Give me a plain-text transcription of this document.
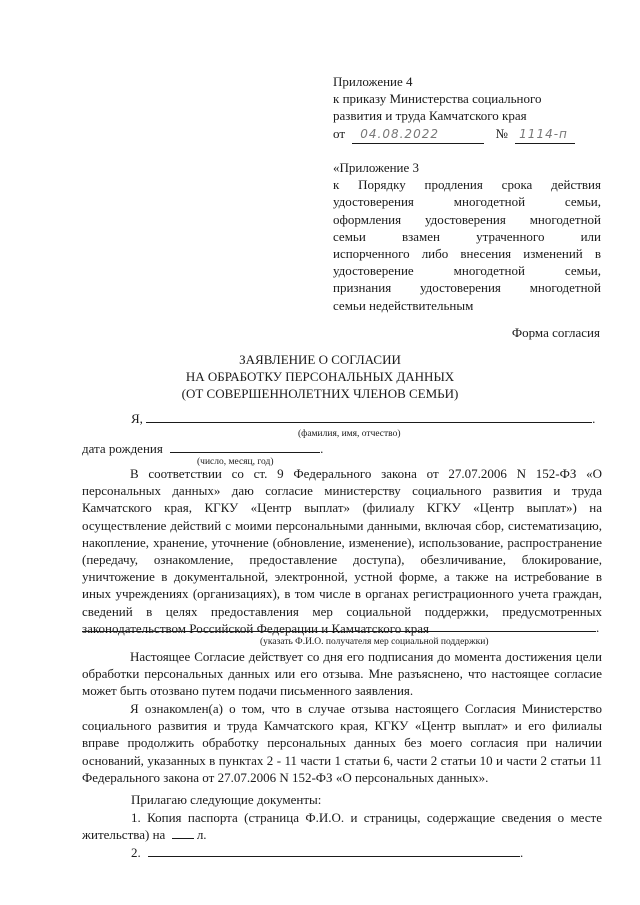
Приложение 4
к приказу Министерства социального
развития и труда Камчатского края
от 04.08.2022	№ 1114-п
«Приложение 3
к Порядку продления срока действия
удостоверения многодетной семьи,
оформления удостоверения многодетной
семьи взамен утраченного или
испорченного либо внесения изменений в
удостоверение многодетной семьи,
признания удостоверения многодетной
семьи недействительным
Форма согласия
ЗАЯВЛЕНИЕ О СОГЛАСИИ
НА ОБРАБОТКУ ПЕРСОНАЛЬНЫХ ДАННЫХ
(ОТ СОВЕРШЕННОЛЕТНИХ ЧЛЕНОВ СЕМЬИ)
Я,	.
(фамилия, имя, отчество)
дата рождения	.
(число, месяц, год)
В соответствии со ст. 9 Федерального закона от 27.07.2006 N 152-ФЗ «О персональных данных» даю согласие министерству социального развития и труда Камчатского края, КГКУ «Центр выплат» (филиалу КГКУ «Центр выплат») на осуществление действий с моими персональными данными, включая сбор, систематизацию, накопление, хранение, уточнение (обновление, изменение), использование, распространение (передачу, ознакомление, предоставление доступа), обезличивание, блокирование, уничтожение в документальной, электронной, устной форме, а также на истребование в иных учреждениях (организациях), в том числе в органах регистрационного учета граждан, сведений в целях предоставления мер социальной поддержки, предусмотренных законодательством Российской Федерации и Камчатского края	.
(указать Ф.И.О. получателя мер социальной поддержки)
Настоящее Согласие действует со дня его подписания до момента достижения цели обработки персональных данных или его отзыва. Мне разъяснено, что настоящее согласие может быть отозвано путем подачи письменного заявления.
Я ознакомлен(а) о том, что в случае отзыва настоящего Согласия Министерство социального развития и труда Камчатского края, КГКУ «Центр выплат» и его филиалы вправе продолжить обработку персональных данных без моего согласия при наличии оснований, указанных в пунктах 2 - 11 части 1 статьи 6, части 2 статьи 10 и части 2 статьи 11 Федерального закона от 27.07.2006 N 152-ФЗ «О персональных данных».
Прилагаю следующие документы:
1. Копия паспорта (страница Ф.И.О. и страницы, содержащие сведения о месте
жительства) на л.
2.	.
